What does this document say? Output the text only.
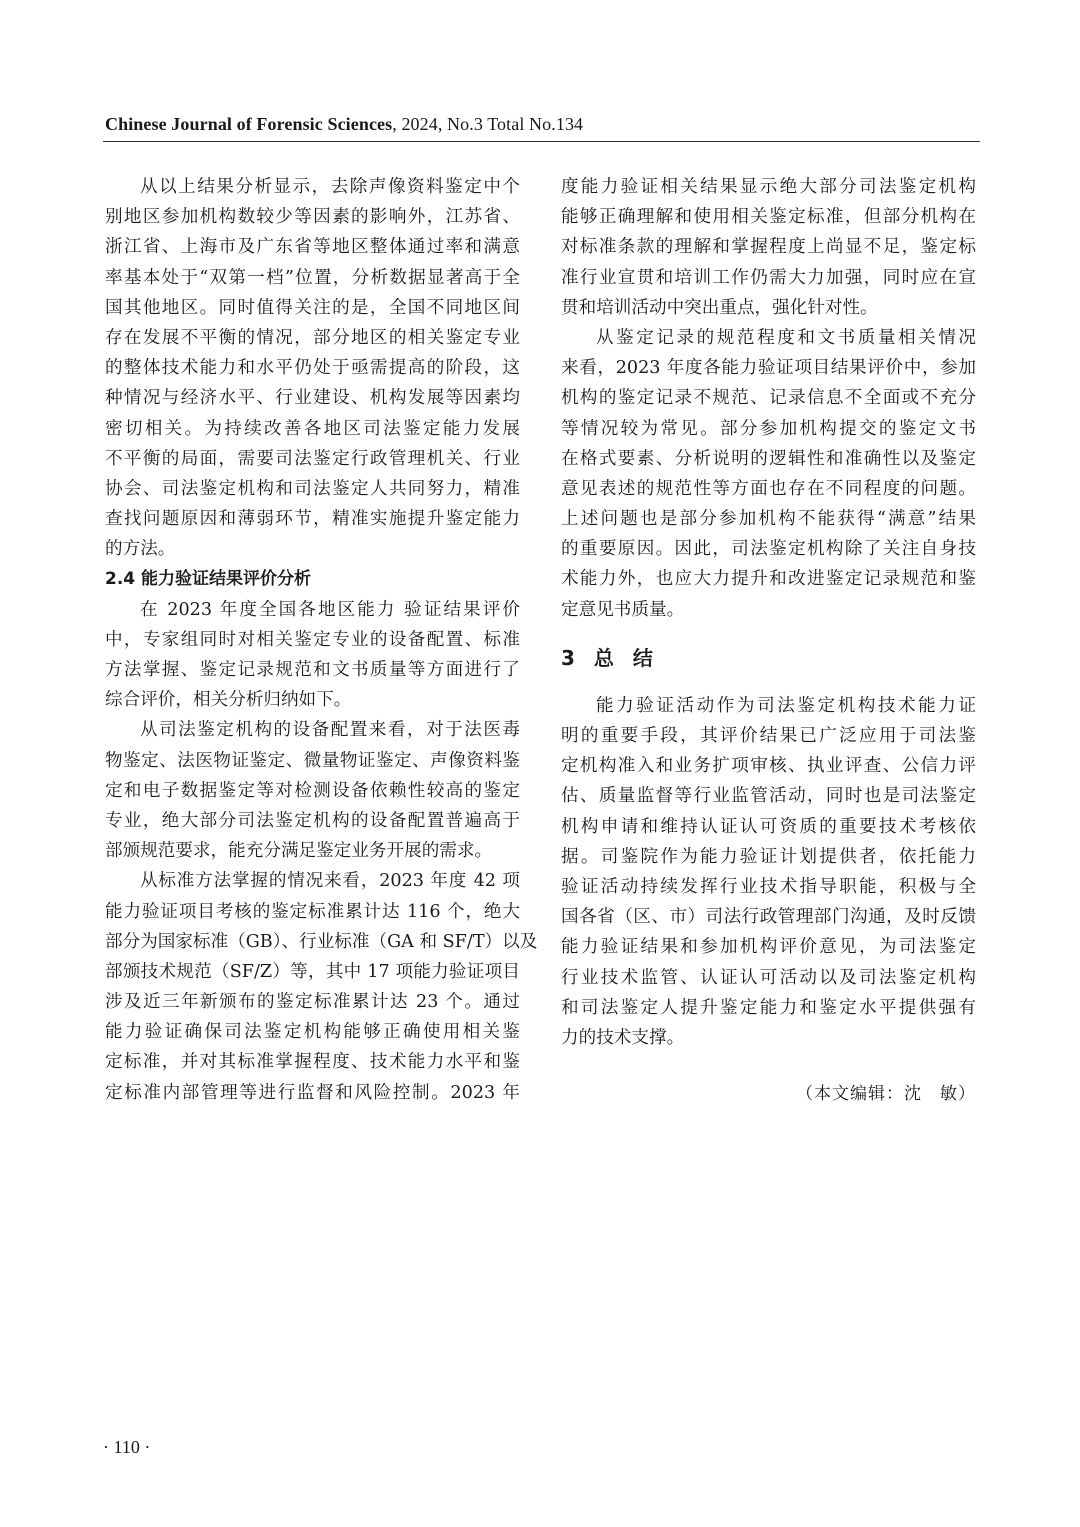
Chinese Journal of Forensic Sciences, 2024, No.3 Total No.134
从以上结果分析显示，去除声像资料鉴定中个
别地区参加机构数较少等因素的影响外，江苏省、
浙江省、上海市及广东省等地区整体通过率和满意
率基本处于“双第一档”位置，分析数据显著高于全
国其他地区。同时值得关注的是，全国不同地区间
存在发展不平衡的情况，部分地区的相关鉴定专业
的整体技术能力和水平仍处于亟需提高的阶段，这
种情况与经济水平、行业建设、机构发展等因素均
密切相关。为持续改善各地区司法鉴定能力发展
不平衡的局面，需要司法鉴定行政管理机关、行业
协会、司法鉴定机构和司法鉴定人共同努力，精准
查找问题原因和薄弱环节，精准实施提升鉴定能力
的方法。
2.4 能力验证结果评价分析
在 2023 年度全国各地区能力 验证结果评价
中，专家组同时对相关鉴定专业的设备配置、标准
方法掌握、鉴定记录规范和文书质量等方面进行了
综合评价，相关分析归纳如下。
从司法鉴定机构的设备配置来看，对于法医毒
物鉴定、法医物证鉴定、微量物证鉴定、声像资料鉴
定和电子数据鉴定等对检测设备依赖性较高的鉴定
专业，绝大部分司法鉴定机构的设备配置普遍高于
部颁规范要求，能充分满足鉴定业务开展的需求。
从标准方法掌握的情况来看，2023 年度 42 项
能力验证项目考核的鉴定标准累计达 116 个，绝大
部分为国家标准（GB）、行业标准（GA 和 SF/T）以及
部颁技术规范（SF/Z）等，其中 17 项能力验证项目
涉及近三年新颁布的鉴定标准累计达 23 个。通过
能力验证确保司法鉴定机构能够正确使用相关鉴
定标准，并对其标准掌握程度、技术能力水平和鉴
定标准内部管理等进行监督和风险控制。2023 年
度能力验证相关结果显示绝大部分司法鉴定机构
能够正确理解和使用相关鉴定标准，但部分机构在
对标准条款的理解和掌握程度上尚显不足，鉴定标
准行业宣贯和培训工作仍需大力加强，同时应在宣
贯和培训活动中突出重点，强化针对性。
从鉴定记录的规范程度和文书质量相关情况
来看，2023 年度各能力验证项目结果评价中，参加
机构的鉴定记录不规范、记录信息不全面或不充分
等情况较为常见。部分参加机构提交的鉴定文书
在格式要素、分析说明的逻辑性和准确性以及鉴定
意见表述的规范性等方面也存在不同程度的问题。
上述问题也是部分参加机构不能获得“满意”结果
的重要原因。因此，司法鉴定机构除了关注自身技
术能力外，也应大力提升和改进鉴定记录规范和鉴
定意见书质量。
3 总 结
能力验证活动作为司法鉴定机构技术能力证
明的重要手段，其评价结果已广泛应用于司法鉴
定机构准入和业务扩项审核、执业评查、公信力评
估、质量监督等行业监管活动，同时也是司法鉴定
机构申请和维持认证认可资质的重要技术考核依
据。司鉴院作为能力验证计划提供者，依托能力
验证活动持续发挥行业技术指导职能，积极与全
国各省（区、市）司法行政管理部门沟通，及时反馈
能力验证结果和参加机构评价意见，为司法鉴定
行业技术监管、认证认可活动以及司法鉴定机构
和司法鉴定人提升鉴定能力和鉴定水平提供强有
力的技术支撑。
（本文编辑：沈　敏）
· 110 ·
